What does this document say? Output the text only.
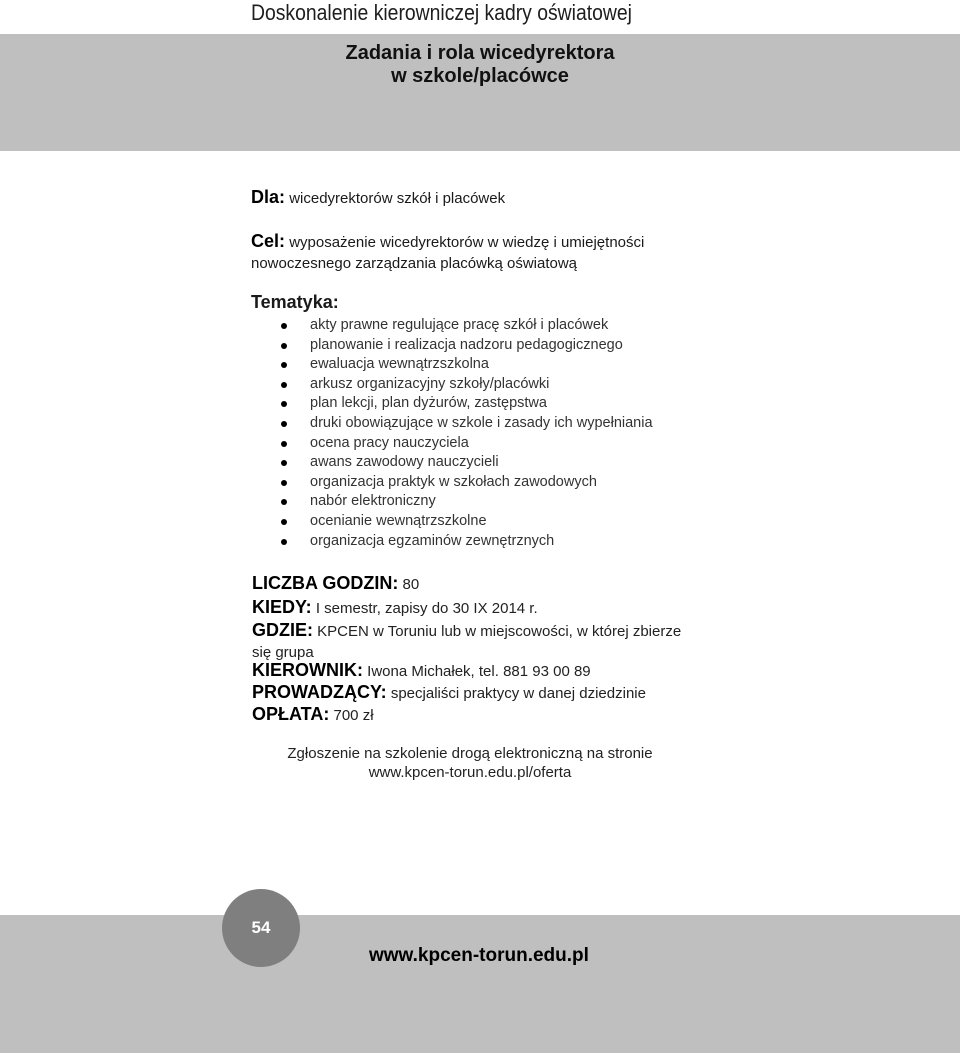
Doskonalenie kierowniczej kadry oświatowej
Zadania i rola wicedyrektora
w szkole/placówce
Dla: wicedyrektorów szkół i placówek
Cel: wyposażenie wicedyrektorów w wiedzę i umiejętności nowoczesnego zarządzania placówką oświatową
Tematyka:
akty prawne regulujące pracę szkół i placówek
planowanie i realizacja nadzoru pedagogicznego
ewaluacja wewnątrzszkolna
arkusz organizacyjny szkoły/placówki
plan lekcji, plan dyżurów, zastępstwa
druki obowiązujące w szkole i zasady ich wypełniania
ocena pracy nauczyciela
awans zawodowy nauczycieli
organizacja praktyk w szkołach zawodowych
nabór elektroniczny
ocenianie wewnątrzszkolne
organizacja egzaminów zewnętrznych
LICZBA GODZIN: 80
KIEDY: I semestr, zapisy do 30 IX 2014 r.
GDZIE: KPCEN w Toruniu lub w miejscowości, w której zbierze się grupa
KIEROWNIK: Iwona Michałek, tel. 881 93 00 89
PROWADZĄCY: specjaliści praktycy w danej dziedzinie
OPŁATA: 700 zł
Zgłoszenie na szkolenie drogą elektroniczną na stronie
www.kpcen-torun.edu.pl/oferta
54
www.kpcen-torun.edu.pl
